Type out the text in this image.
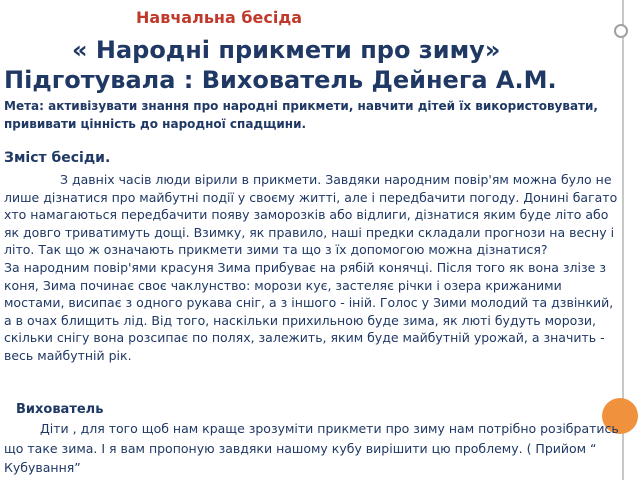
Навчальна бесіда

« Народні прикмети про зиму»

Підготувала : Вихователь Дейнега А.М.

Мета: активізувати знання про народні прикмети, навчити дітей їх використовувати, прививати цінність до народної спадщини.

Зміст бесіди.

З давніх часів люди вірили в прикмети. Завдяки народним повір'ям можна було не лише дізнатися про майбутні події у своєму житті, але і передбачити погоду. Донині багато хто намагаються передбачити появу заморозків або відлиги, дізнатися яким буде літо або як довго триватимуть дощі. Взимку, як правило, наші предки складали прогнози на весну і літо. Так що ж означають прикмети зими та що з їх допомогою можна дізнатися?
За народним повір'ями красуня Зима прибуває на рябій конячці. Після того як вона злізе з коня, Зима починає своє чаклунство: морози кує, застеляє річки і озера крижаними мостами, висипає з одного рукава сніг, а з іншого - іній. Голос у Зими молодий та дзвінкий, а в очах блищить лід. Від того, наскільки прихильною буде зима, як люті будуть морози, скільки снігу вона розсипає по полях, залежить, яким буде майбутній урожай, а значить - весь майбутній рік.

Вихователь

Діти , для того щоб нам краще зрозуміти прикмети про зиму нам потрібно розібратись що таке зима. І я вам пропоную завдяки нашому кубу вирішити цю проблему. ( Прийом “ Кубування”
